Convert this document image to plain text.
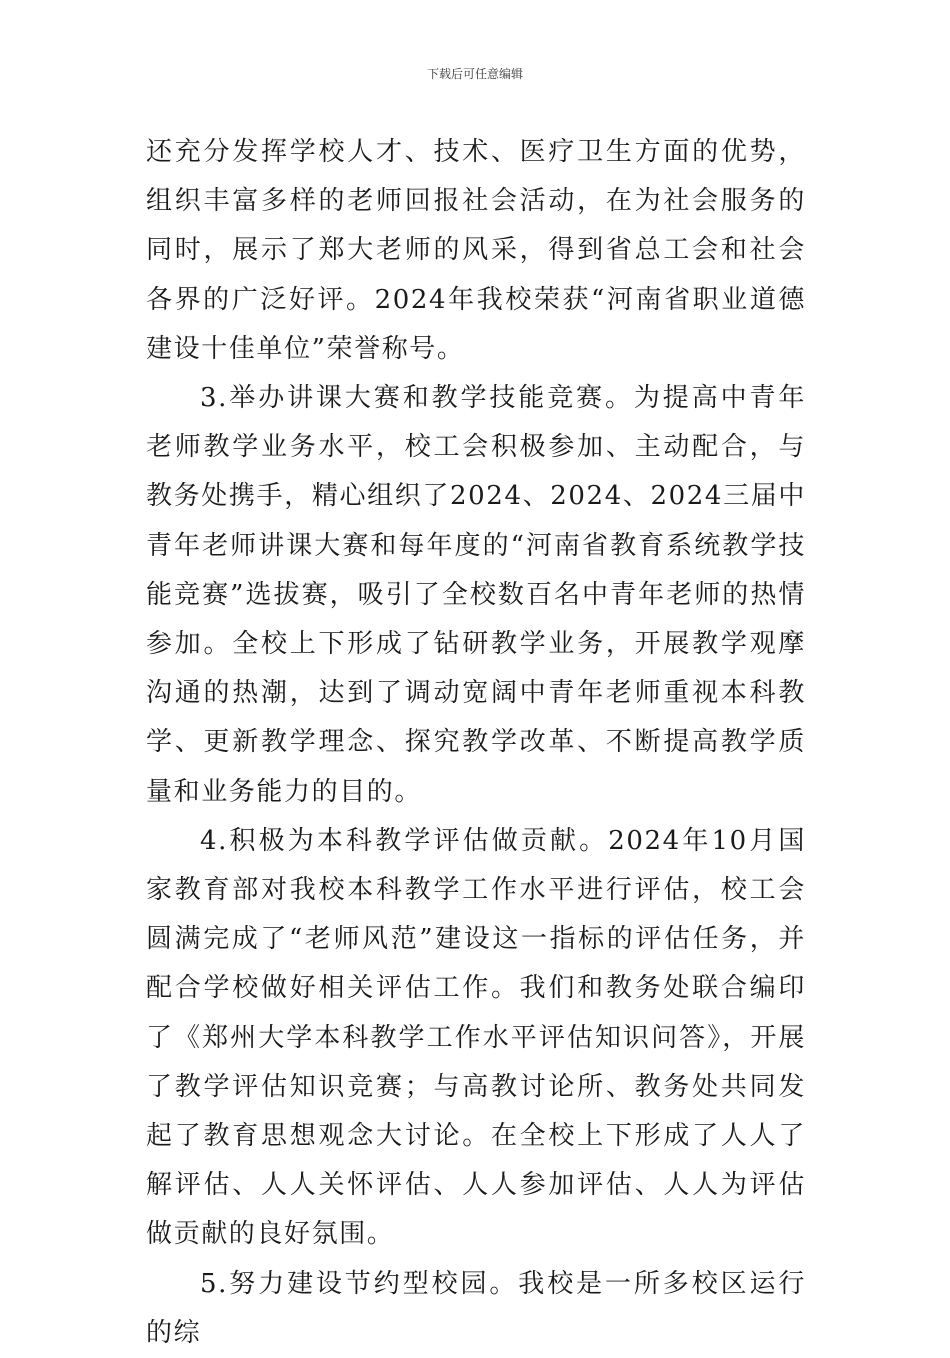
下载后可任意编辑

还充分发挥学校人才、技术、医疗卫生方面的优势，组织丰富多样的老师回报社会活动，在为社会服务的同时，展示了郑大老师的风采，得到省总工会和社会各界的广泛好评。2024年我校荣获“河南省职业道德建设十佳单位”荣誉称号。

3.举办讲课大赛和教学技能竞赛。为提高中青年老师教学业务水平，校工会积极参加、主动配合，与教务处携手，精心组织了2024、2024、2024三届中青年老师讲课大赛和每年度的“河南省教育系统教学技能竞赛”选拔赛，吸引了全校数百名中青年老师的热情参加。全校上下形成了钻研教学业务，开展教学观摩沟通的热潮，达到了调动宽阔中青年老师重视本科教学、更新教学理念、探究教学改革、不断提高教学质量和业务能力的目的。

4.积极为本科教学评估做贡献。2024年10月国家教育部对我校本科教学工作水平进行评估，校工会圆满完成了“老师风范”建设这一指标的评估任务，并配合学校做好相关评估工作。我们和教务处联合编印了《郑州大学本科教学工作水平评估知识问答》，开展了教学评估知识竞赛；与高教讨论所、教务处共同发起了教育思想观念大讨论。在全校上下形成了人人了解评估、人人关怀评估、人人参加评估、人人为评估做贡献的良好氛围。

5.努力建设节约型校园。我校是一所多校区运行的综
